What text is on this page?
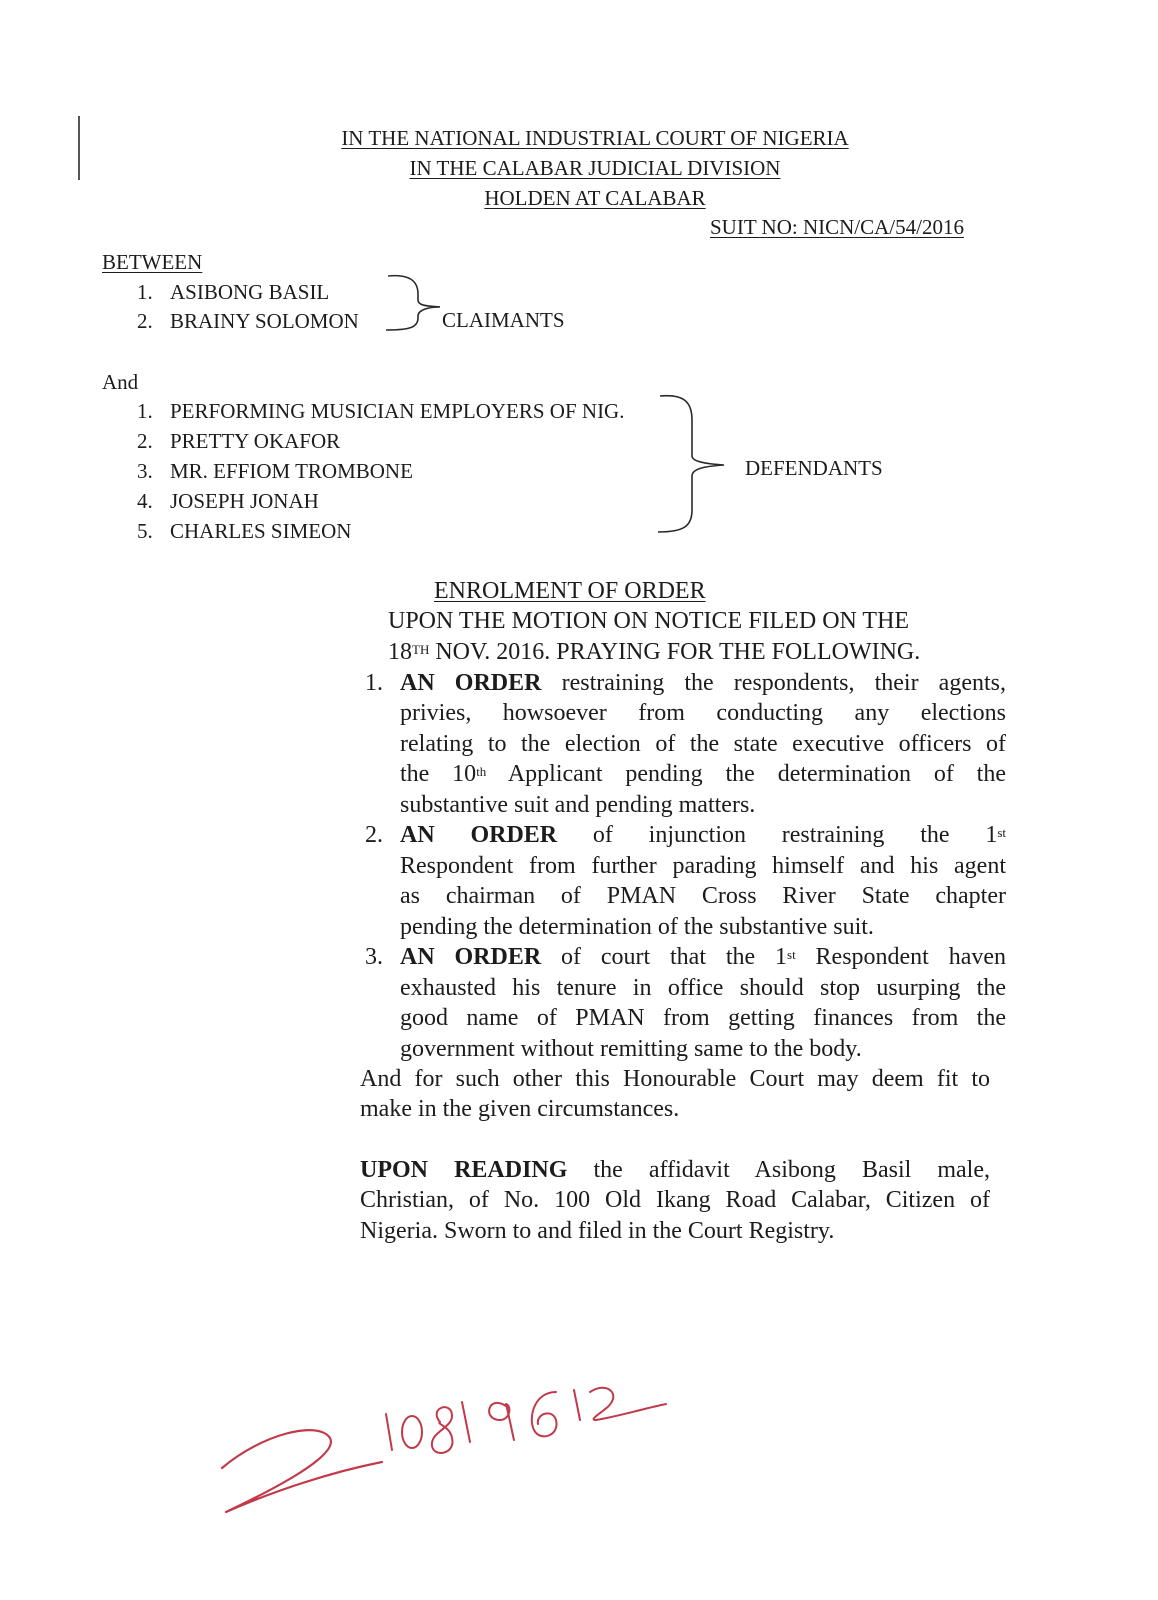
IN THE NATIONAL INDUSTRIAL COURT OF NIGERIA
IN THE CALABAR JUDICIAL DIVISION
HOLDEN AT CALABAR
SUIT NO: NICN/CA/54/2016
BETWEEN
1. ASIBONG BASIL
2. BRAINY SOLOMON	CLAIMANTS
And
1. PERFORMING MUSICIAN EMPLOYERS OF NIG.
2. PRETTY OKAFOR
3. MR. EFFIOM TROMBONE
4. JOSEPH JONAH
5. CHARLES SIMEON
DEFENDANTS
ENROLMENT OF ORDER
UPON THE MOTION ON NOTICE FILED ON THE
18TH NOV. 2016. PRAYING FOR THE FOLLOWING.
1. AN ORDER restraining the respondents, their agents,
privies, howsoever from conducting any elections
relating to the election of the state executive officers of
the 10th Applicant pending the determination of the
substantive suit and pending matters.
2. AN ORDER of injunction restraining the 1st
Respondent from further parading himself and his agent
as chairman of PMAN Cross River State chapter
pending the determination of the substantive suit.
3. AN ORDER of court that the 1st Respondent haven
exhausted his tenure in office should stop usurping the
good name of PMAN from getting finances from the
government without remitting same to the body.
And for such other this Honourable Court may deem fit to
make in the given circumstances.
UPON READING the affidavit Asibong Basil male,
Christian, of No. 100 Old Ikang Road Calabar, Citizen of
Nigeria. Sworn to and filed in the Court Registry.
